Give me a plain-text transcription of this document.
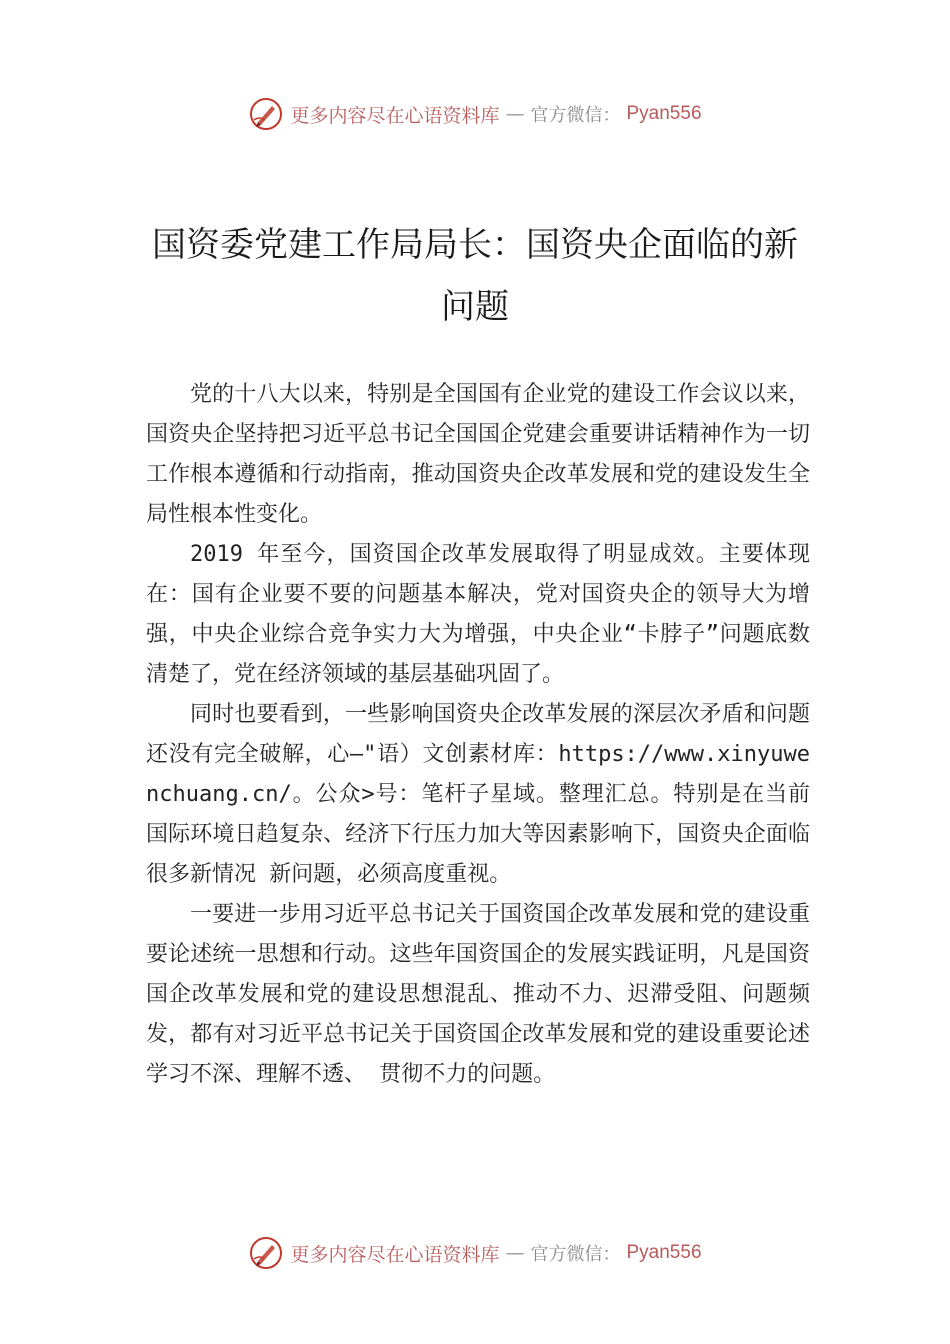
更多内容尽在心语资料库 — 官方微信： Pyan556
国资委党建工作局局长：国资央企面临的新问题

党的十八大以来，特别是全国国有企业党的建设工作会议以来，国资央企坚持把习近平总书记全国国企党建会重要讲话精神作为一切工作根本遵循和行动指南，推动国资央企改革发展和党的建设发生全局性根本性变化。

2019 年至今，国资国企改革发展取得了明显成效。主要体现在：国有企业要不要的问题基本解决，党对国资央企的领导大为增强，中央企业综合竞争实力大为增强，中央企业“卡脖子”问题底数清楚了，党在经济领域的基层基础巩固了。

同时也要看到，一些影响国资央企改革发展的深层次矛盾和问题还没有完全破解，心—"语）文创素材库：https://www.xinyuwenchuang.cn/。公众>号：笔杆子星域。整理汇总。特别是在当前国际环境日趋复杂、经济下行压力加大等因素影响下，国资央企面临很多新情况 新问题，必须高度重视。

一要进一步用习近平总书记关于国资国企改革发展和党的建设重要论述统一思想和行动。这些年国资国企的发展实践证明，凡是国资国企改革发展和党的建设思想混乱、推动不力、迟滞受阻、问题频发，都有对习近平总书记关于国资国企改革发展和党的建设重要论述学习不深、理解不透、 贯彻不力的问题。

更多内容尽在心语资料库 — 官方微信： Pyan556
